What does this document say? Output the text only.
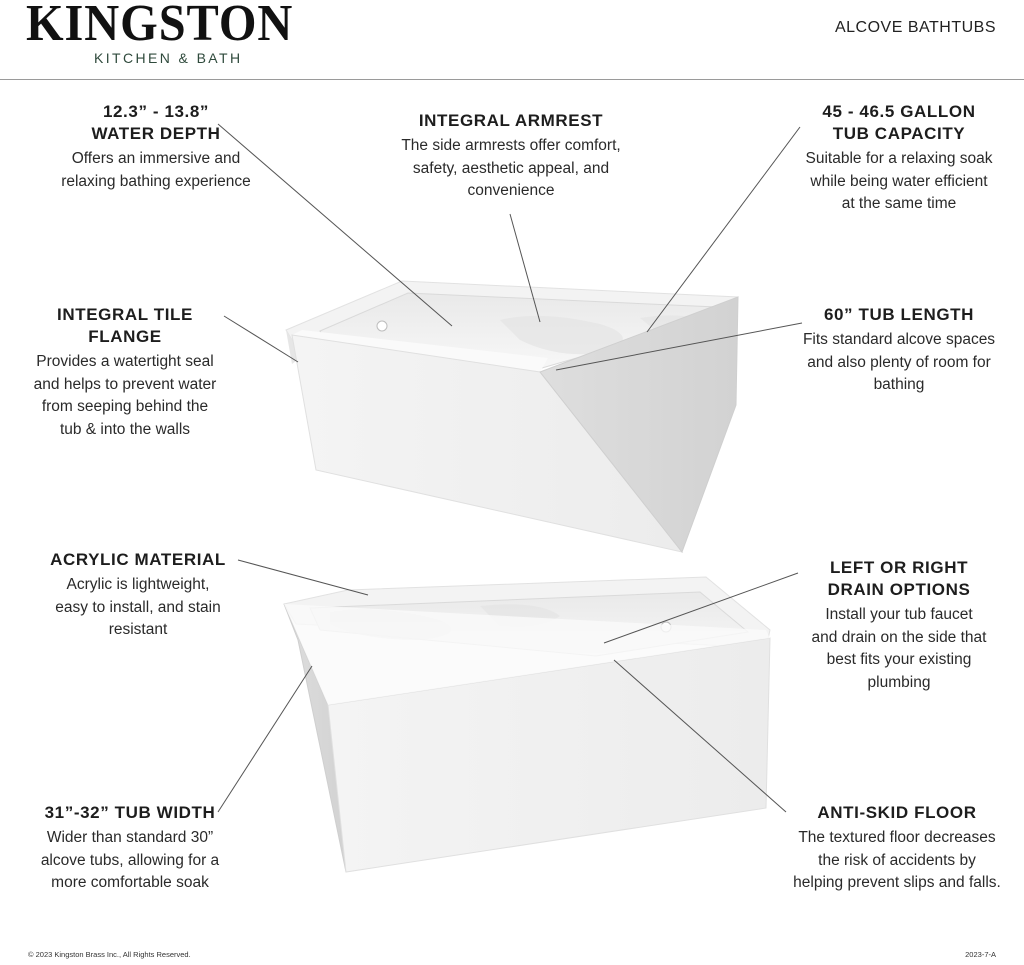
KINGSTON
KITCHEN & BATH
ALCOVE BATHTUBS
12.3” - 13.8”
WATER DEPTH
Offers an immersive and
relaxing bathing experience
INTEGRAL TILE
FLANGE
Provides a watertight seal
and helps to prevent water
from seeping behind the
tub & into the walls
ACRYLIC MATERIAL
Acrylic is lightweight,
easy to install, and stain
resistant
31”-32” TUB WIDTH
Wider than standard 30”
alcove tubs, allowing for a
more comfortable soak
INTEGRAL ARMREST
The side armrests offer comfort,
safety, aesthetic appeal, and
convenience
45 - 46.5 GALLON
TUB CAPACITY
Suitable for a relaxing soak
while being water efficient
at the same time
60” TUB LENGTH
Fits standard alcove spaces
and also plenty of room for
bathing
LEFT OR RIGHT
DRAIN OPTIONS
Install your tub faucet
and drain on the side that
best fits your existing
plumbing
ANTI-SKID FLOOR
The textured floor decreases
the risk of accidents by
helping prevent slips and falls.
© 2023 Kingston Brass Inc., All Rights Reserved.	2023-7-A
